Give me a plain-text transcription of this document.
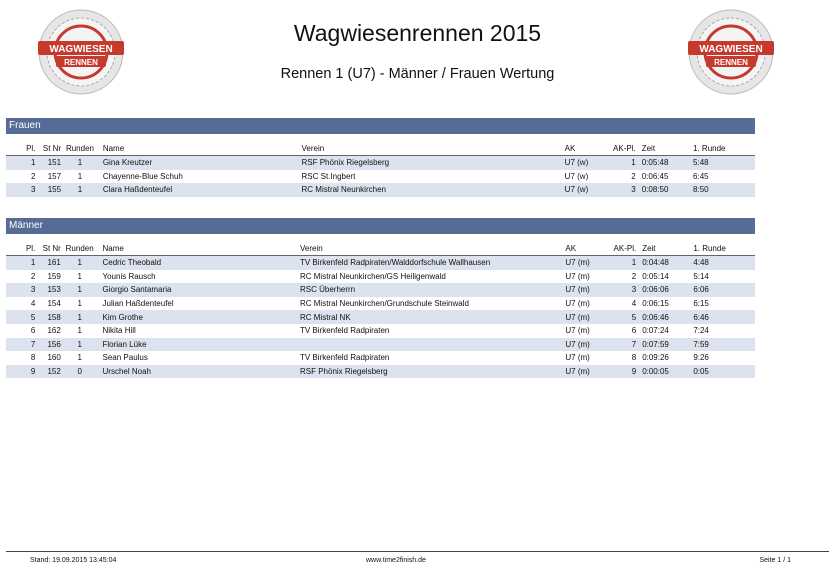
WAGWIESEN
RENNEN
WAGWIESEN
RENNEN
Wagwiesenrennen 2015
Rennen 1 (U7) - Männer / Frauen Wertung
Frauen
Pl.	St Nr	Runden	Name	Verein	AK	AK-Pl.	Zeit	1. Runde
1	151	1	Gina Kreutzer	RSF Phönix Riegelsberg	U7 (w)	1	0:05:48	5:48
2	157	1	Chayenne-Blue Schuh	RSC St.Ingbert	U7 (w)	2	0:06:45	6:45
3	155	1	Clara Haßdenteufel	RC Mistral Neunkirchen	U7 (w)	3	0:08:50	8:50
Männer
Pl.	St Nr	Runden	Name	Verein	AK	AK-Pl.	Zeit	1. Runde
1	161	1	Cedric Theobald	TV Birkenfeld Radpiraten/Walddorfschule Wallhausen	U7 (m)	1	0:04:48	4:48
2	159	1	Younis Rausch	RC Mistral Neunkirchen/GS Heiligenwald	U7 (m)	2	0:05:14	5:14
3	153	1	Giorgio Santamaria	RSC Überherrn	U7 (m)	3	0:06:06	6:06
4	154	1	Julian Haßdenteufel	RC Mistral Neunkirchen/Grundschule Steinwald	U7 (m)	4	0:06:15	6:15
5	158	1	Kim Grothe	RC Mistral NK	U7 (m)	5	0:06:46	6:46
6	162	1	Nikita Hill	TV Birkenfeld Radpiraten	U7 (m)	6	0:07:24	7:24
7	156	1	Florian Lüke		U7 (m)	7	0:07:59	7:59
8	160	1	Sean Paulus	TV Birkenfeld Radpiraten	U7 (m)	8	0:09:26	9:26
9	152	0	Urschel Noah	RSF Phönix Riegelsberg	U7 (m)	9	0:00:05	0:05
Stand: 19.09.2015 13:45:04	www.time2finish.de	Seite 1 / 1
